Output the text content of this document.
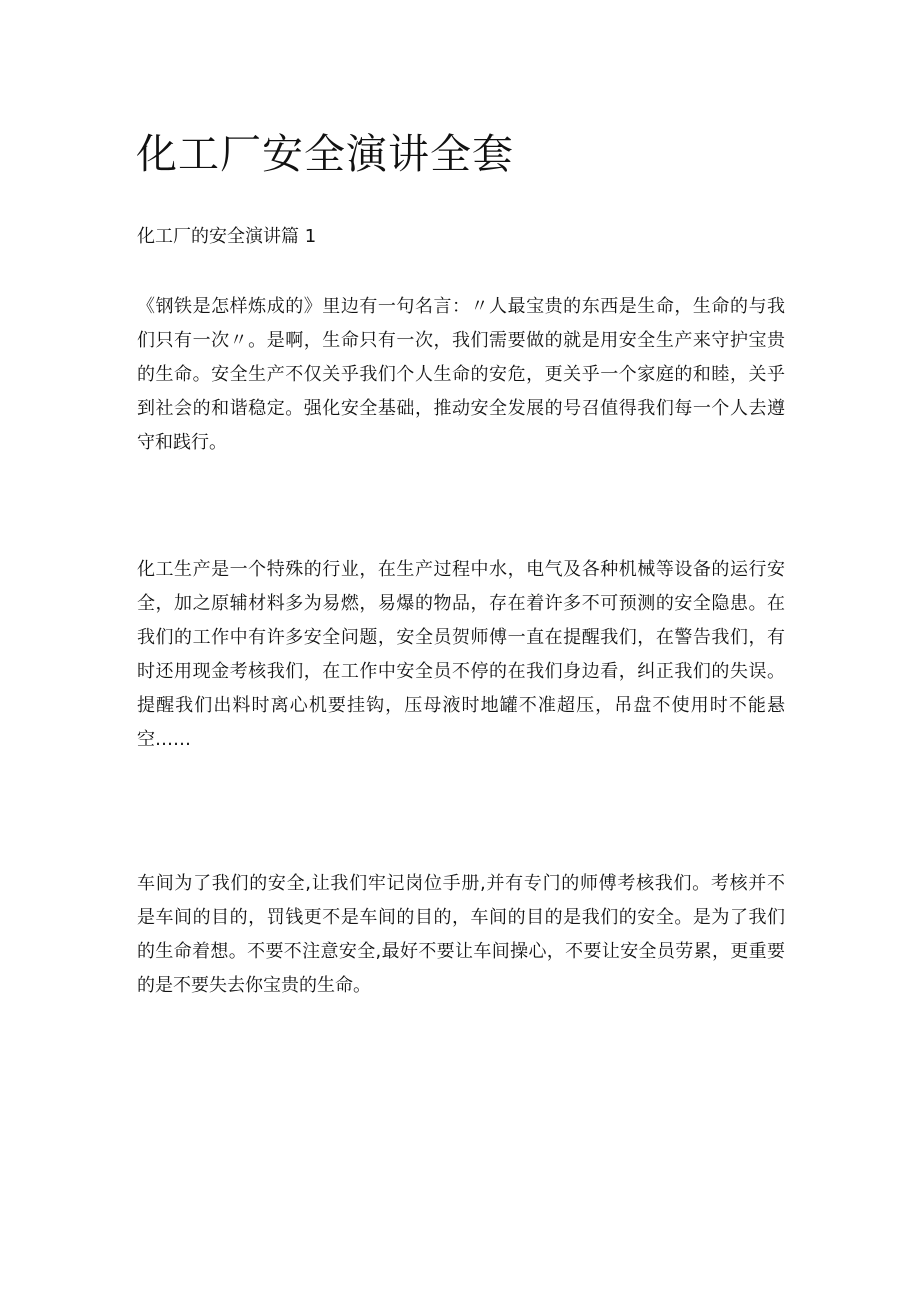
化工厂安全演讲全套
化工厂的安全演讲篇 1
《钢铁是怎样炼成的》里边有一句名言：〃人最宝贵的东西是生命，生命的与我
们只有一次〃。是啊，生命只有一次，我们需要做的就是用安全生产来守护宝贵
的生命。安全生产不仅关乎我们个人生命的安危，更关乎一个家庭的和睦，关乎
到社会的和谐稳定。强化安全基础，推动安全发展的号召值得我们每一个人去遵
守和践行。
化工生产是一个特殊的行业，在生产过程中水，电气及各种机械等设备的运行安
全，加之原辅材料多为易燃，易爆的物品，存在着许多不可预测的安全隐患。在
我们的工作中有许多安全问题，安全员贺师傅一直在提醒我们，在警告我们，有
时还用现金考核我们，在工作中安全员不停的在我们身边看，纠正我们的失误。
提醒我们出料时离心机要挂钩，压母液时地罐不准超压，吊盘不使用时不能悬
空……
车间为了我们的安全,让我们牢记岗位手册,并有专门的师傅考核我们。考核并不
是车间的目的，罚钱更不是车间的目的，车间的目的是我们的安全。是为了我们
的生命着想。不要不注意安全,最好不要让车间操心，不要让安全员劳累，更重要
的是不要失去你宝贵的生命。
